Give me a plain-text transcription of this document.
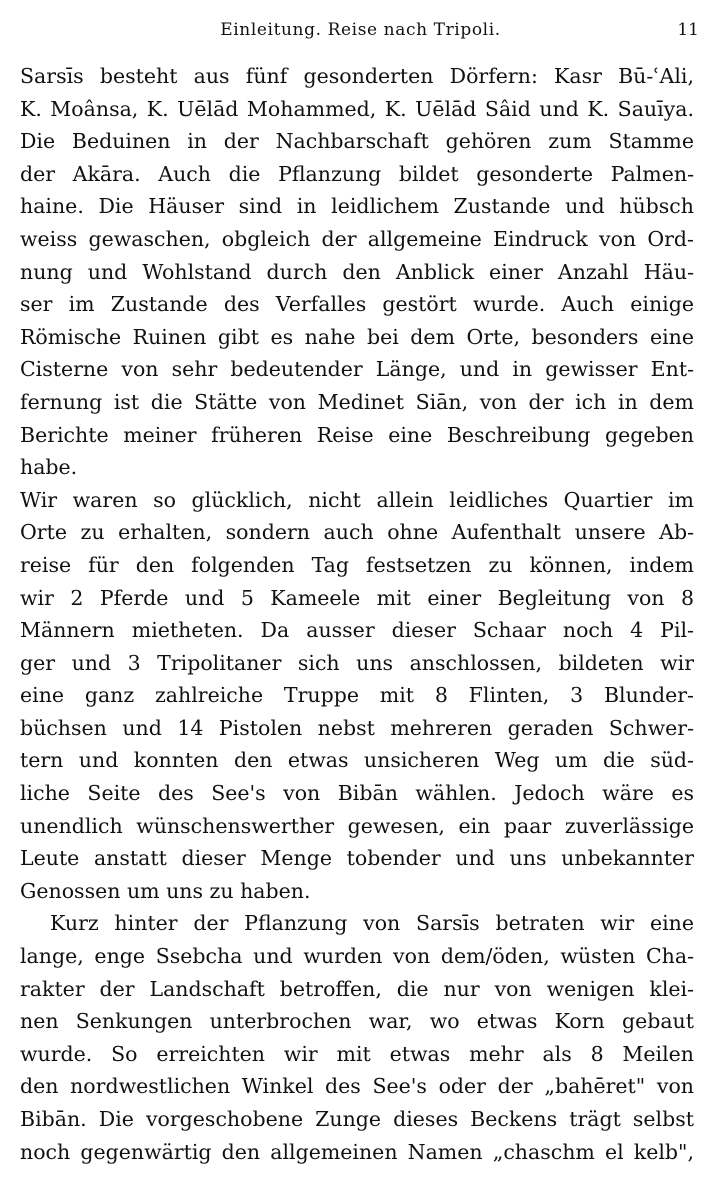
Einleitung. Reise nach Tripoli.	11
Sarsīs besteht aus fünf gesonderten Dörfern: Kasr Bū-ʿAli,
K. Moânsa, K. Uēlād Mohammed, K. Uēlād Sâid und K. Sauīya.
Die Beduinen in der Nachbarschaft gehören zum Stamme
der Akāra. Auch die Pflanzung bildet gesonderte Palmen-
haine. Die Häuser sind in leidlichem Zustande und hübsch
weiss gewaschen, obgleich der allgemeine Eindruck von Ord-
nung und Wohlstand durch den Anblick einer Anzahl Häu-
ser im Zustande des Verfalles gestört wurde. Auch einige
Römische Ruinen gibt es nahe bei dem Orte, besonders eine
Cisterne von sehr bedeutender Länge, und in gewisser Ent-
fernung ist die Stätte von Medinet Siān, von der ich in dem
Berichte meiner früheren Reise eine Beschreibung gegeben
habe.
Wir waren so glücklich, nicht allein leidliches Quartier im
Orte zu erhalten, sondern auch ohne Aufenthalt unsere Ab-
reise für den folgenden Tag festsetzen zu können, indem
wir 2 Pferde und 5 Kameele mit einer Begleitung von 8
Männern mietheten. Da ausser dieser Schaar noch 4 Pil-
ger und 3 Tripolitaner sich uns anschlossen, bildeten wir
eine ganz zahlreiche Truppe mit 8 Flinten, 3 Blunder-
büchsen und 14 Pistolen nebst mehreren geraden Schwer-
tern und konnten den etwas unsicheren Weg um die süd-
liche Seite des See's von Bibān wählen. Jedoch wäre es
unendlich wünschenswerther gewesen, ein paar zuverlässige
Leute anstatt dieser Menge tobender und uns unbekannter
Genossen um uns zu haben.
Kurz hinter der Pflanzung von Sarsīs betraten wir eine
lange, enge Ssebcha und wurden von dem/öden, wüsten Cha-
rakter der Landschaft betroffen, die nur von wenigen klei-
nen Senkungen unterbrochen war, wo etwas Korn gebaut
wurde. So erreichten wir mit etwas mehr als 8 Meilen
den nordwestlichen Winkel des See's oder der „bahēret" von
Bibān. Die vorgeschobene Zunge dieses Beckens trägt selbst
noch gegenwärtig den allgemeinen Namen „chaschm el kelb",
